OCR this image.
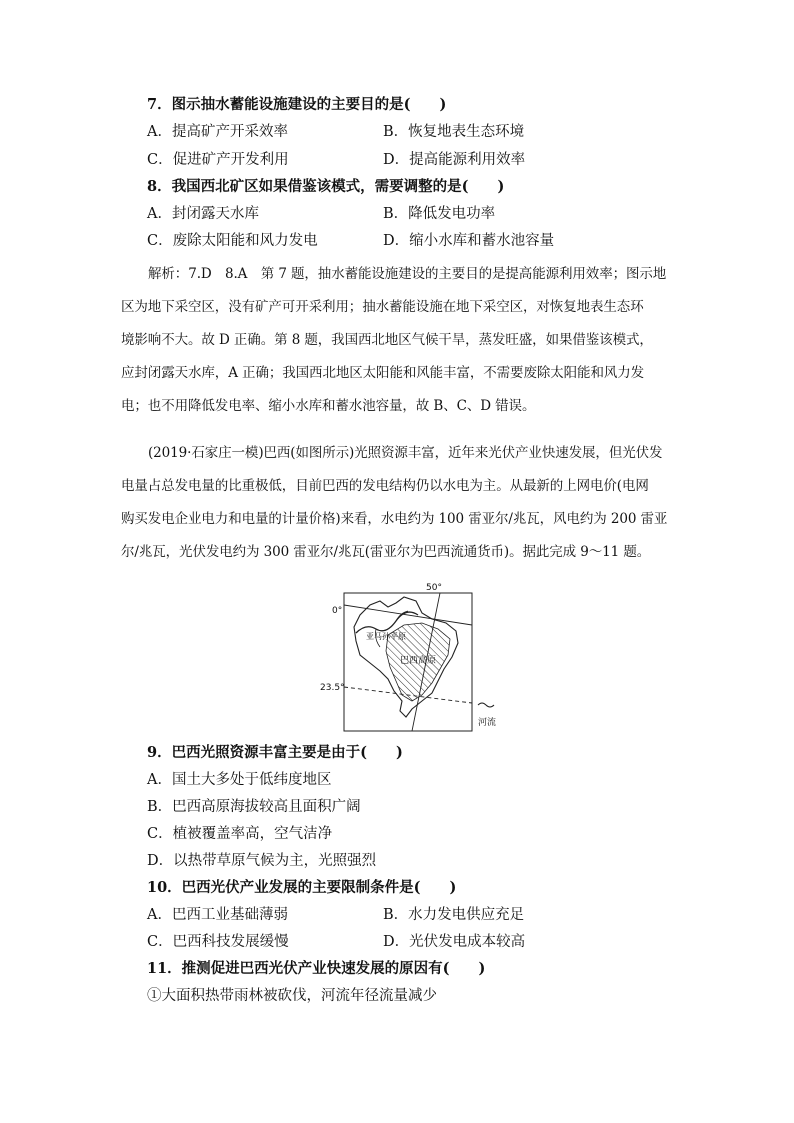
7．图示抽水蓄能设施建设的主要目的是(　　)
A．提高矿产开采效率	B．恢复地表生态环境
C．促进矿产开发利用	D．提高能源利用效率
8．我国西北矿区如果借鉴该模式，需要调整的是(　　)
A．封闭露天水库	B．降低发电功率
C．废除太阳能和风力发电	D．缩小水库和蓄水池容量
解析：7.D　8.A　第 7 题，抽水蓄能设施建设的主要目的是提高能源利用效率；图示地
区为地下采空区，没有矿产可开采利用；抽水蓄能设施在地下采空区，对恢复地表生态环
境影响不大。故 D 正确。第 8 题，我国西北地区气候干旱，蒸发旺盛，如果借鉴该模式，
应封闭露天水库，A 正确；我国西北地区太阳能和风能丰富，不需要废除太阳能和风力发
电；也不用降低发电率、缩小水库和蓄水池容量，故 B、C、D 错误。
(2019·石家庄一模)巴西(如图所示)光照资源丰富，近年来光伏产业快速发展，但光伏发
电量占总发电量的比重极低，目前巴西的发电结构仍以水电为主。从最新的上网电价(电网
购买发电企业电力和电量的计量价格)来看，水电约为 100 雷亚尔/兆瓦，风电约为 200 雷亚
尔/兆瓦，光伏发电约为 300 雷亚尔/兆瓦(雷亚尔为巴西流通货币)。据此完成 9～11 题。
50°
0°
23.5°
亚马孙平原
巴西高原
河流
9．巴西光照资源丰富主要是由于(　　)
A．国土大多处于低纬度地区
B．巴西高原海拔较高且面积广阔
C．植被覆盖率高，空气洁净
D．以热带草原气候为主，光照强烈
10．巴西光伏产业发展的主要限制条件是(　　)
A．巴西工业基础薄弱	B．水力发电供应充足
C．巴西科技发展缓慢	D．光伏发电成本较高
11．推测促进巴西光伏产业快速发展的原因有(　　)
①大面积热带雨林被砍伐，河流年径流量减少
